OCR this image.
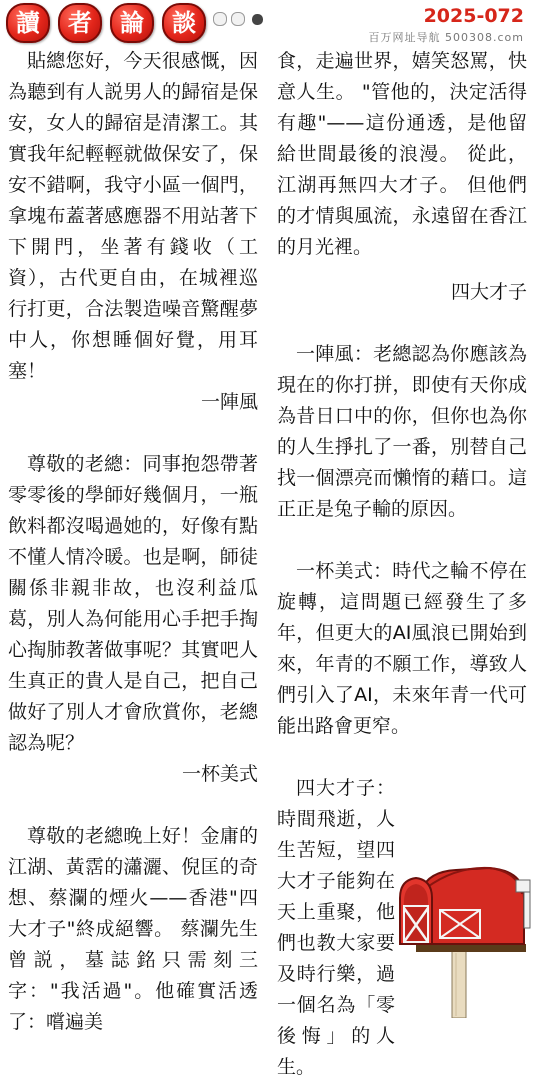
讀	者	論	談	2025-072
百万网址导航 500308.com

貼總您好，今天很感慨，因為聽到有人説男人的歸宿是保安，女人的歸宿是清潔工。其實我年紀輕輕就做保安了，保安不錯啊，我守小區一個門，拿塊布蓋著感應器不用站著下下開門，坐著有錢收（工資），古代更自由，在城裡巡行打更，合法製造噪音驚醒夢中人，你想睡個好覺，用耳塞！

一陣風

尊敬的老總：同事抱怨帶著零零後的學師好幾個月，一瓶飲料都沒喝過她的，好像有點不懂人情冷暖。也是啊，師徒關係非親非故，也沒利益瓜葛，別人為何能用心手把手掏心掏肺教著做事呢？其實吧人生真正的貴人是自己，把自己做好了別人才會欣賞你，老總認為呢？

一杯美式

尊敬的老總晚上好！金庸的江湖、黃霑的瀟灑、倪匡的奇想、蔡瀾的煙火——香港"四大才子"終成絕響。 蔡瀾先生曾説，墓誌銘只需刻三字："我活過"。他確實活透了：嚐遍美

食，走遍世界，嬉笑怒罵，快意人生。 "管他的，決定活得有趣"——這份通透，是他留給世間最後的浪漫。 從此，江湖再無四大才子。 但他們的才情與風流，永遠留在香江的月光裡。

四大才子

一陣風：老總認為你應該為現在的你打拼，即使有天你成為昔日口中的你，但你也為你的人生掙扎了一番，別替自己找一個漂亮而懶惰的藉口。這正正是兔子輸的原因。

一杯美式：時代之輪不停在旋轉，這問題已經發生了多年，但更大的AI風浪已開始到來，年青的不願工作，導致人們引入了AI，未來年青一代可能出路會更窄。

四大才子：時間飛逝，人生苦短，望四大才子能夠在天上重聚，他們也教大家要及時行樂，過一個名為「零後悔」的人生。
